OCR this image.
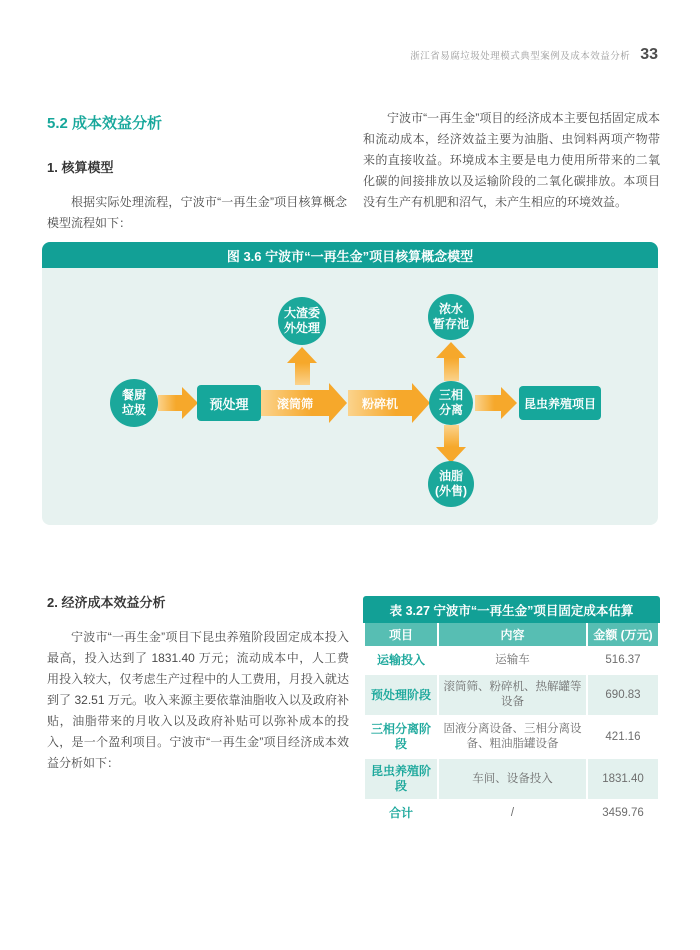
浙江省易腐垃圾处理模式典型案例及成本效益分析 33
5.2 成本效益分析
1. 核算模型

根据实际处理流程，宁波市“一再生金”项目核算概念模型流程如下：

宁波市“一再生金”项目的经济成本主要包括固定成本和流动成本，经济效益主要为油脂、虫饲料两项产物带来的直接收益。环境成本主要是电力使用所带来的二氧化碳的间接排放以及运输阶段的二氧化碳排放。本项目没有生产有机肥和沼气，未产生相应的环境效益。

图 3.6 宁波市“一再生金”项目核算概念模型
餐厨
垃圾	预处理	滚筒筛
大渣委
外处理
粉碎机
三相
分离
浓水
暂存池
油脂
(外售)
昆虫养殖项目
2. 经济成本效益分析

宁波市“一再生金”项目下昆虫养殖阶段固定成本投入最高，投入达到了 1831.40 万元；流动成本中，人工费用投入较大，仅考虑生产过程中的人工费用，月投入就达到了 32.51 万元。收入来源主要依靠油脂收入以及政府补贴，油脂带来的月收入以及政府补贴可以弥补成本的投入，是一个盈利项目。宁波市“一再生金”项目经济成本效益分析如下：

表 3.27 宁波市“一再生金”项目固定成本估算
项目	内容	金额 (万元)
运输投入	运输车	516.37
预处理阶段	滚筒筛、粉碎机、热解罐等设备	690.83
三相分离阶段	固液分离设备、三相分离设备、粗油脂罐设备	421.16
昆虫养殖阶段	车间、设备投入	1831.40
合计	/	3459.76
